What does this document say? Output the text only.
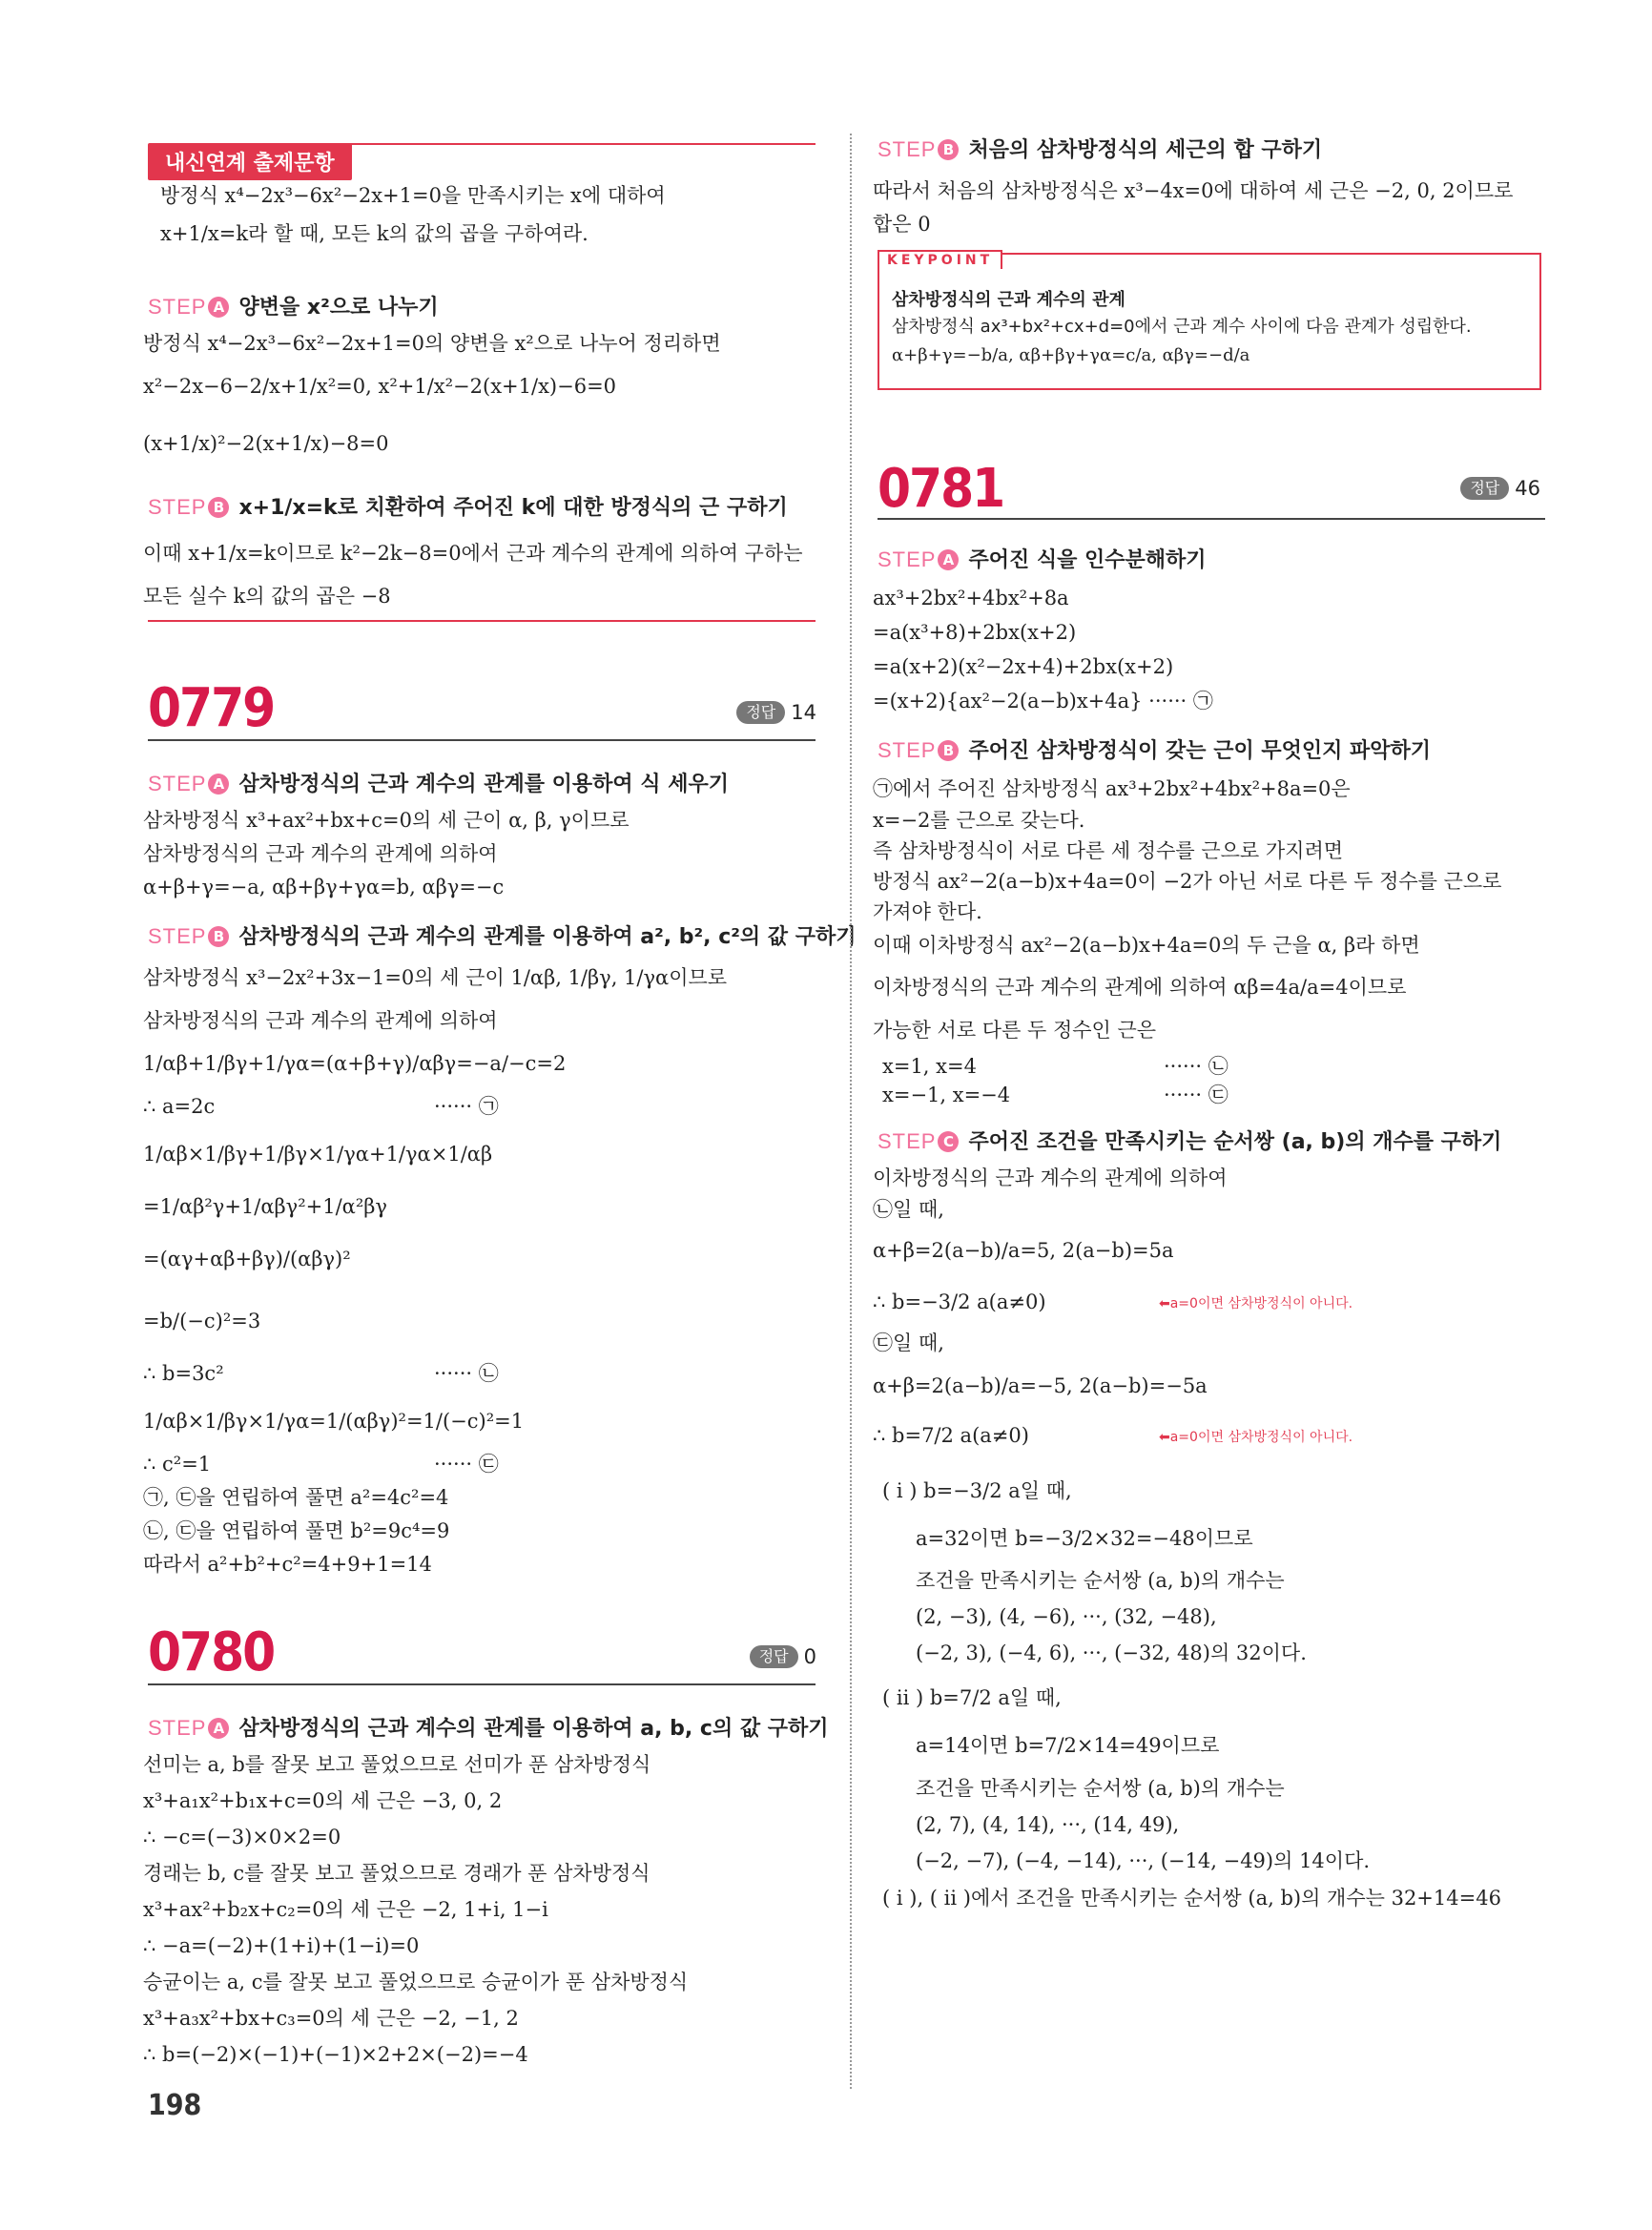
내신연계 출제문항
방정식 x⁴−2x³−6x²−2x+1=0을 만족시키는 x에 대하여
x+1/x=k라 할 때, 모든 k의 값의 곱을 구하여라.
STEP A 양변을 x²으로 나누기
방정식 x⁴−2x³−6x²−2x+1=0의 양변을 x²으로 나누어 정리하면
x²−2x−6−2/x+1/x²=0, x²+1/x²−2(x+1/x)−6=0
(x+1/x)²−2(x+1/x)−8=0
STEP B x+1/x=k로 치환하여 주어진 k에 대한 방정식의 근 구하기
이때 x+1/x=k이므로 k²−2k−8=0에서 근과 계수의 관계에 의하여 구하는
모든 실수 k의 값의 곱은 −8
0779	정답 14
STEP A 삼차방정식의 근과 계수의 관계를 이용하여 식 세우기
삼차방정식 x³+ax²+bx+c=0의 세 근이 α, β, γ이므로
삼차방정식의 근과 계수의 관계에 의하여
α+β+γ=−a, αβ+βγ+γα=b, αβγ=−c
STEP B 삼차방정식의 근과 계수의 관계를 이용하여 a², b², c²의 값 구하기
삼차방정식 x³−2x²+3x−1=0의 세 근이 1/αβ, 1/βγ, 1/γα이므로
삼차방정식의 근과 계수의 관계에 의하여
1/αβ+1/βγ+1/γα=(α+β+γ)/αβγ=−a/−c=2
∴ a=2c	······ ㉠
1/αβ×1/βγ+1/βγ×1/γα+1/γα×1/αβ
=1/αβ²γ+1/αβγ²+1/α²βγ
=(αγ+αβ+βγ)/(αβγ)²
=b/(−c)²=3
∴ b=3c²	······ ㉡
1/αβ×1/βγ×1/γα=1/(αβγ)²=1/(−c)²=1
∴ c²=1	······ ㉢
㉠, ㉢을 연립하여 풀면 a²=4c²=4
㉡, ㉢을 연립하여 풀면 b²=9c⁴=9
따라서 a²+b²+c²=4+9+1=14
0780	정답 0
STEP A 삼차방정식의 근과 계수의 관계를 이용하여 a, b, c의 값 구하기
선미는 a, b를 잘못 보고 풀었으므로 선미가 푼 삼차방정식
x³+a₁x²+b₁x+c=0의 세 근은 −3, 0, 2
∴ −c=(−3)×0×2=0
경래는 b, c를 잘못 보고 풀었으므로 경래가 푼 삼차방정식
x³+ax²+b₂x+c₂=0의 세 근은 −2, 1+i, 1−i
∴ −a=(−2)+(1+i)+(1−i)=0
승균이는 a, c를 잘못 보고 풀었으므로 승균이가 푼 삼차방정식
x³+a₃x²+bx+c₃=0의 세 근은 −2, −1, 2
∴ b=(−2)×(−1)+(−1)×2+2×(−2)=−4
STEP B 처음의 삼차방정식의 세근의 합 구하기
따라서 처음의 삼차방정식은 x³−4x=0에 대하여 세 근은 −2, 0, 2이므로
합은 0
KEYPOINT
삼차방정식의 근과 계수의 관계
삼차방정식 ax³+bx²+cx+d=0에서 근과 계수 사이에 다음 관계가 성립한다.
α+β+γ=−b/a, αβ+βγ+γα=c/a, αβγ=−d/a
0781	정답 46
STEP A 주어진 식을 인수분해하기
ax³+2bx²+4bx²+8a
=a(x³+8)+2bx(x+2)
=a(x+2)(x²−2x+4)+2bx(x+2)
=(x+2){ax²−2(a−b)x+4a} ······ ㉠
STEP B 주어진 삼차방정식이 갖는 근이 무엇인지 파악하기
㉠에서 주어진 삼차방정식 ax³+2bx²+4bx²+8a=0은
x=−2를 근으로 갖는다.
즉 삼차방정식이 서로 다른 세 정수를 근으로 가지려면
방정식 ax²−2(a−b)x+4a=0이 −2가 아닌 서로 다른 두 정수를 근으로
가져야 한다.
이때 이차방정식 ax²−2(a−b)x+4a=0의 두 근을 α, β라 하면
이차방정식의 근과 계수의 관계에 의하여 αβ=4a/a=4이므로
가능한 서로 다른 두 정수인 근은
x=1, x=4	······ ㉡
x=−1, x=−4	······ ㉢
STEP C 주어진 조건을 만족시키는 순서쌍 (a, b)의 개수를 구하기
이차방정식의 근과 계수의 관계에 의하여
㉡일 때,
α+β=2(a−b)/a=5, 2(a−b)=5a
∴ b=−3/2 a(a≠0)	⬅a=0이면 삼차방정식이 아니다.
㉢일 때,
α+β=2(a−b)/a=−5, 2(a−b)=−5a
∴ b=7/2 a(a≠0)	⬅a=0이면 삼차방정식이 아니다.
( i ) b=−3/2 a일 때,
a=32이면 b=−3/2×32=−48이므로
조건을 만족시키는 순서쌍 (a, b)의 개수는
(2, −3), (4, −6), ···, (32, −48),
(−2, 3), (−4, 6), ···, (−32, 48)의 32이다.
( ii ) b=7/2 a일 때,
a=14이면 b=7/2×14=49이므로
조건을 만족시키는 순서쌍 (a, b)의 개수는
(2, 7), (4, 14), ···, (14, 49),
(−2, −7), (−4, −14), ···, (−14, −49)의 14이다.
( i ), ( ii )에서 조건을 만족시키는 순서쌍 (a, b)의 개수는 32+14=46
198
